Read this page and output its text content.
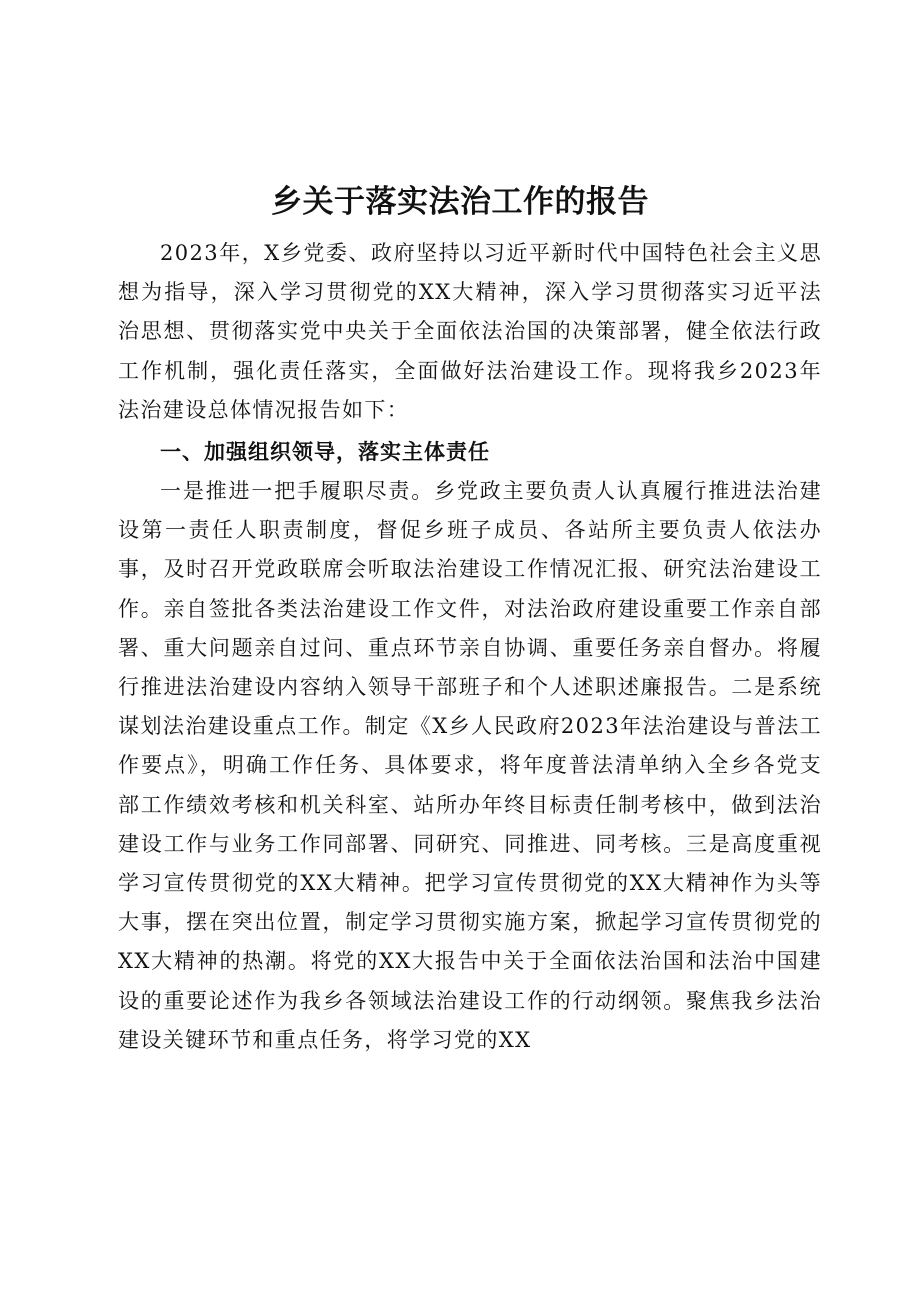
乡关于落实法治工作的报告

2023年，X乡党委、政府坚持以习近平新时代中国特色社会主义思想为指导，深入学习贯彻党的XX大精神，深入学习贯彻落实习近平法治思想、贯彻落实党中央关于全面依法治国的决策部署，健全依法行政工作机制，强化责任落实，全面做好法治建设工作。现将我乡2023年法治建设总体情况报告如下：

一、加强组织领导，落实主体责任

一是推进一把手履职尽责。乡党政主要负责人认真履行推进法治建设第一责任人职责制度，督促乡班子成员、各站所主要负责人依法办事，及时召开党政联席会听取法治建设工作情况汇报、研究法治建设工作。亲自签批各类法治建设工作文件，对法治政府建设重要工作亲自部署、重大问题亲自过问、重点环节亲自协调、重要任务亲自督办。将履行推进法治建设内容纳入领导干部班子和个人述职述廉报告。二是系统谋划法治建设重点工作。制定《X乡人民政府2023年法治建设与普法工作要点》，明确工作任务、具体要求，将年度普法清单纳入全乡各党支部工作绩效考核和机关科室、站所办年终目标责任制考核中，做到法治建设工作与业务工作同部署、同研究、同推进、同考核。三是高度重视学习宣传贯彻党的XX大精神。把学习宣传贯彻党的XX大精神作为头等大事，摆在突出位置，制定学习贯彻实施方案，掀起学习宣传贯彻党的XX大精神的热潮。将党的XX大报告中关于全面依法治国和法治中国建设的重要论述作为我乡各领域法治建设工作的行动纲领。聚焦我乡法治建设关键环节和重点任务，将学习党的XX
